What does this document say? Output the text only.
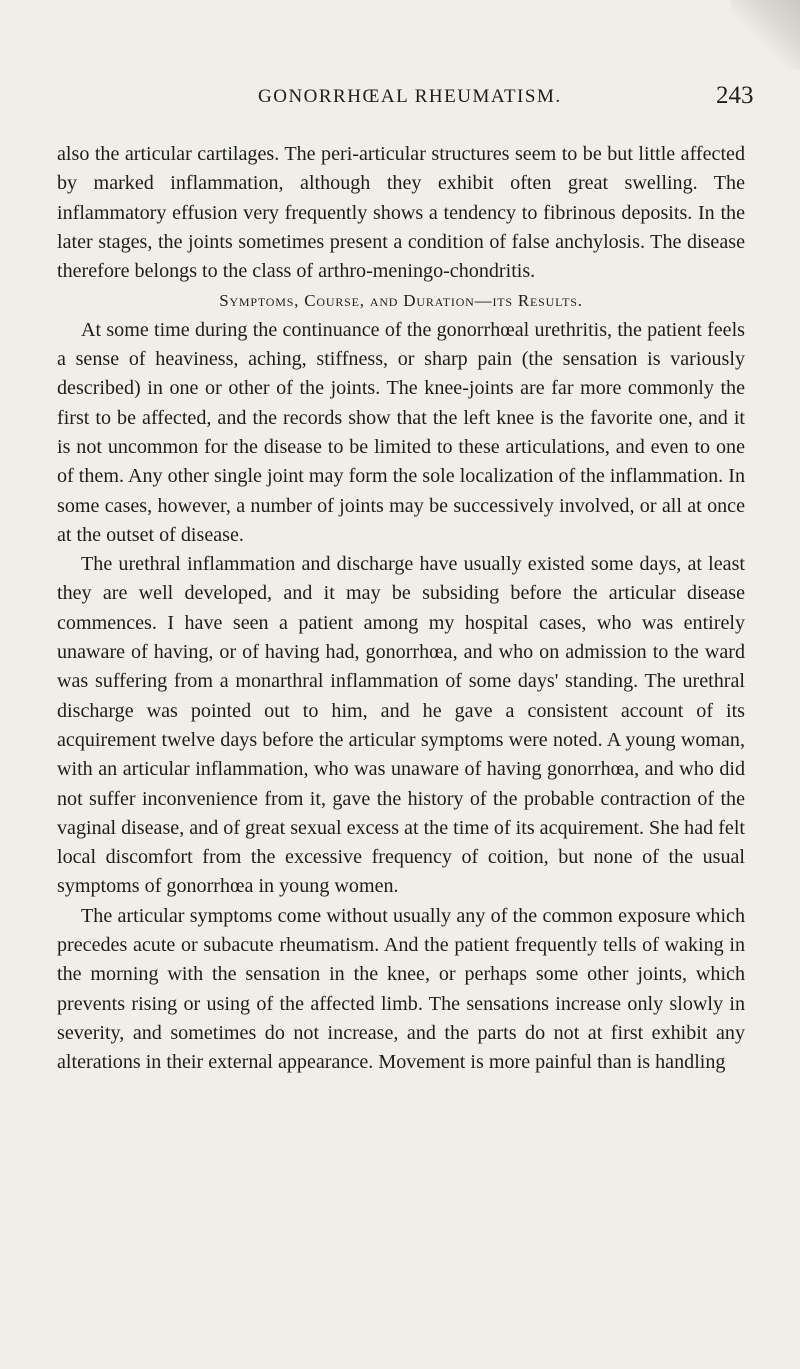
GONORRHŒAL RHEUMATISM.	243

also the articular cartilages. The peri-articular structures seem to be but little affected by marked inflammation, although they exhibit often great swelling. The inflammatory effusion very frequently shows a tendency to fibrinous deposits. In the later stages, the joints sometimes present a condition of false anchylosis. The disease therefore belongs to the class of arthro-meningo-chondritis.

Symptoms, Course, and Duration—its Results.

At some time during the continuance of the gonorrhœal urethritis, the patient feels a sense of heaviness, aching, stiffness, or sharp pain (the sensation is variously described) in one or other of the joints. The knee-joints are far more commonly the first to be affected, and the records show that the left knee is the favorite one, and it is not uncommon for the disease to be limited to these articulations, and even to one of them. Any other single joint may form the sole localization of the inflammation. In some cases, however, a number of joints may be successively involved, or all at once at the outset of disease.

The urethral inflammation and discharge have usually existed some days, at least they are well developed, and it may be subsiding before the articular disease commences. I have seen a patient among my hospital cases, who was entirely unaware of having, or of having had, gonorrhœa, and who on admission to the ward was suffering from a monarthral inflammation of some days' standing. The urethral discharge was pointed out to him, and he gave a consistent account of its acquirement twelve days before the articular symptoms were noted. A young woman, with an articular inflammation, who was unaware of having gonorrhœa, and who did not suffer inconvenience from it, gave the history of the probable contraction of the vaginal disease, and of great sexual excess at the time of its acquirement. She had felt local discomfort from the excessive frequency of coition, but none of the usual symptoms of gonorrhœa in young women.

The articular symptoms come without usually any of the common exposure which precedes acute or subacute rheumatism. And the patient frequently tells of waking in the morning with the sensation in the knee, or perhaps some other joints, which prevents rising or using of the affected limb. The sensations increase only slowly in severity, and sometimes do not increase, and the parts do not at first exhibit any alterations in their external appearance. Movement is more painful than is handling
